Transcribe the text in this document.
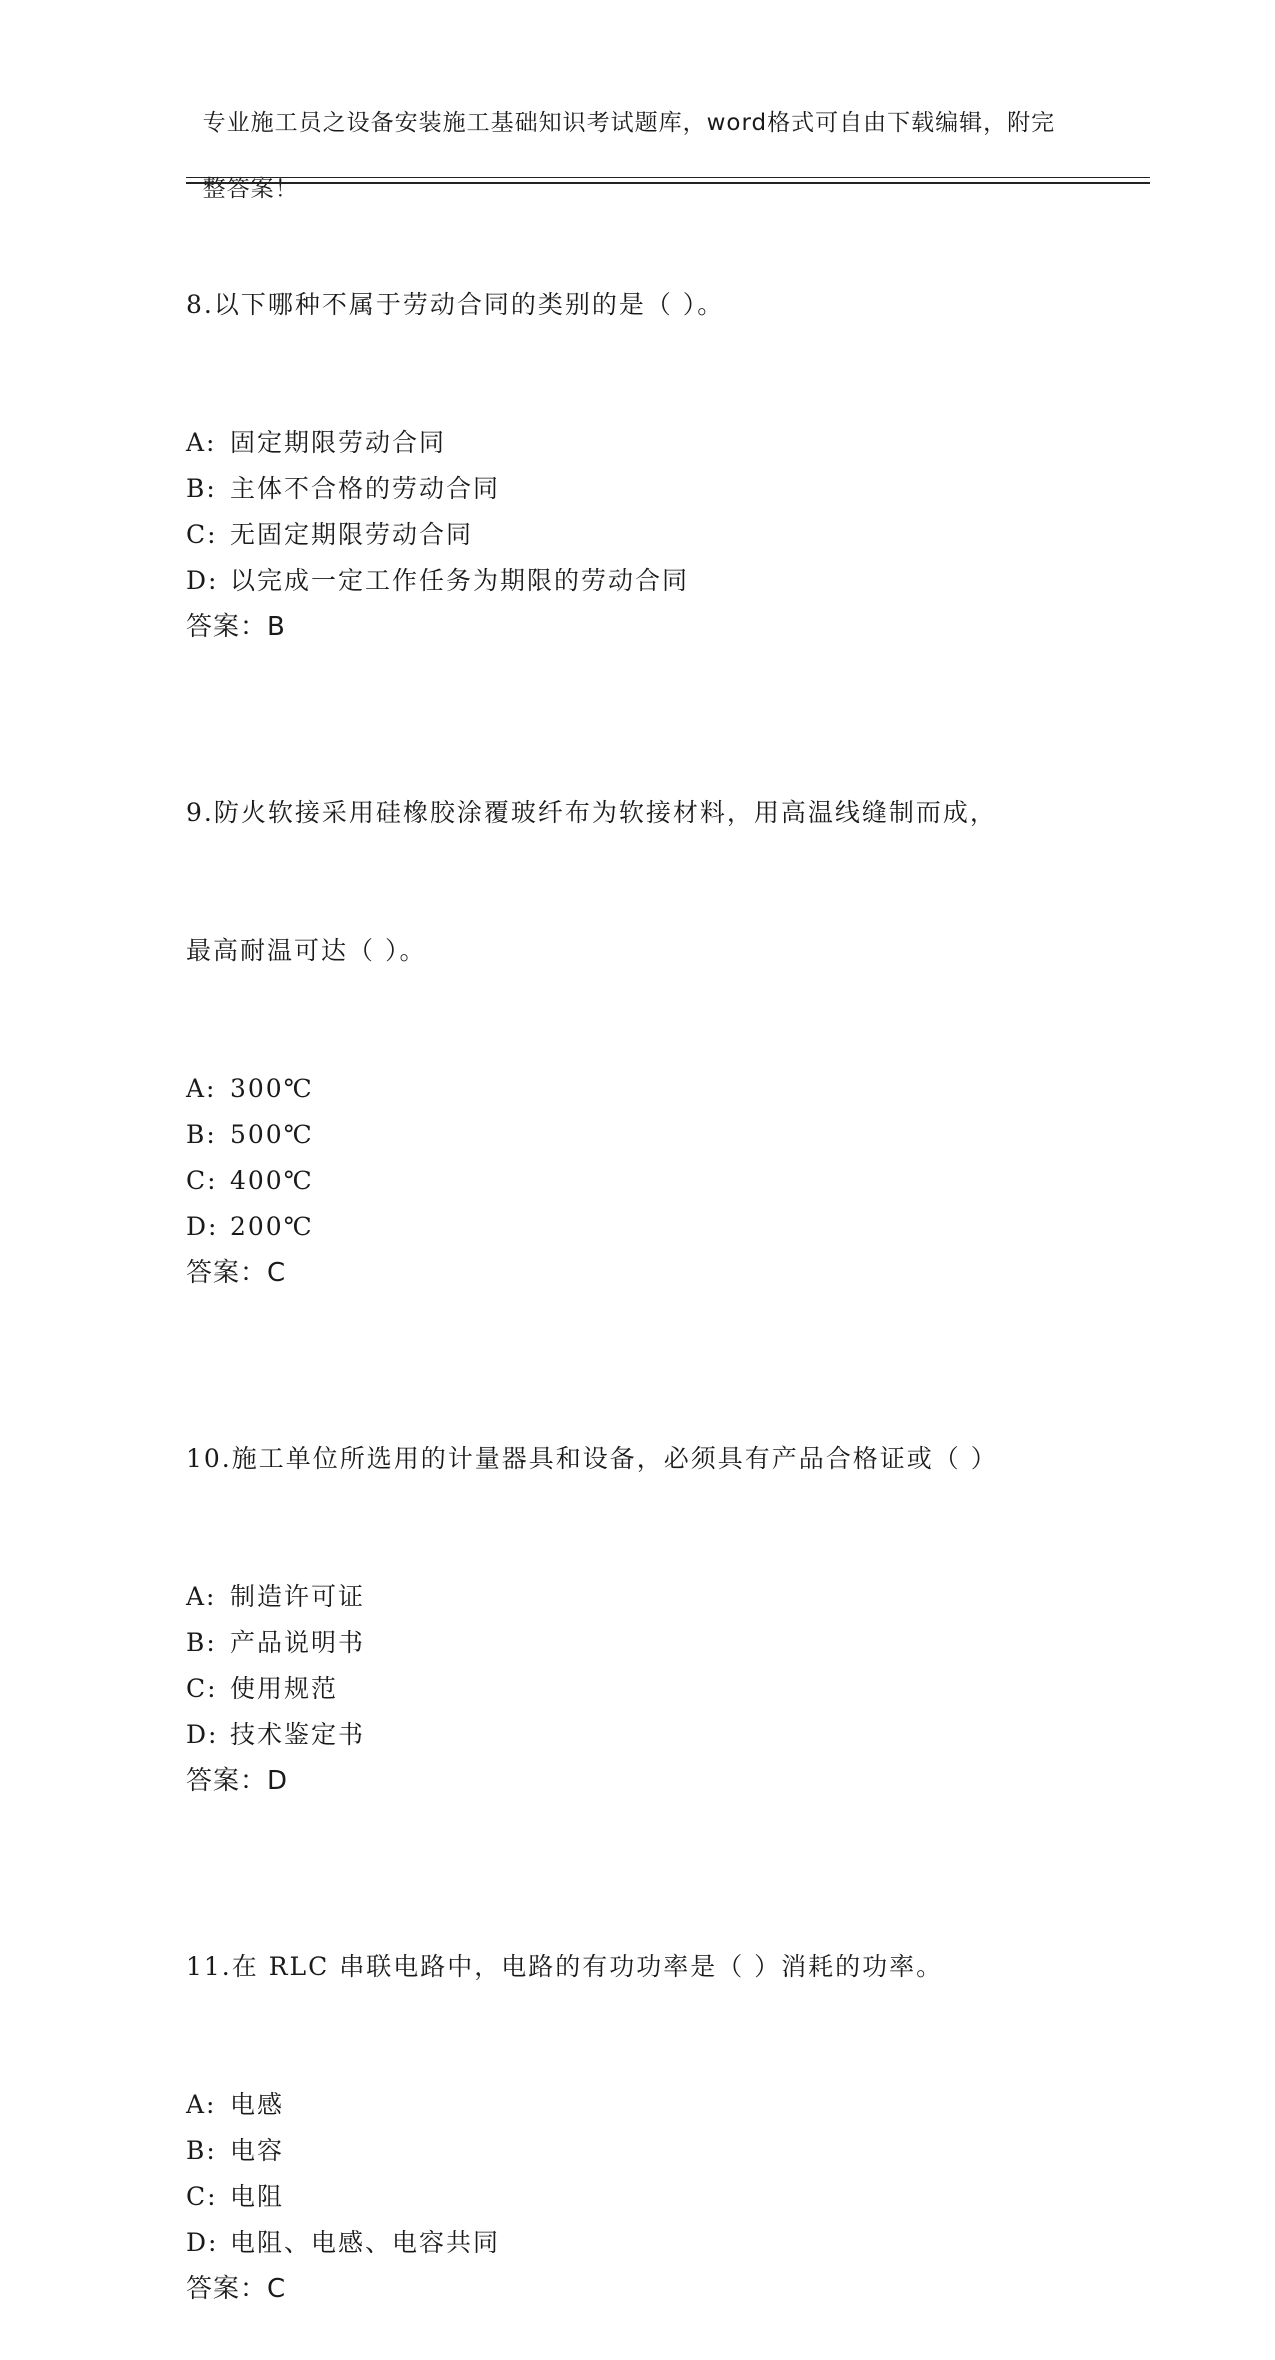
专业施工员之设备安装施工基础知识考试题库，word格式可自由下载编辑，附完

整答案！

8.以下哪种不属于劳动合同的类别的是（ ）。

A: 固定期限劳动合同
B: 主体不合格的劳动合同
C: 无固定期限劳动合同
D: 以完成一定工作任务为期限的劳动合同
答案：B

9.防火软接采用硅橡胶涂覆玻纤布为软接材料，用高温线缝制而成，

最高耐温可达（ ）。

A: 300℃
B: 500℃
C: 400℃
D: 200℃
答案：C

10.施工单位所选用的计量器具和设备，必须具有产品合格证或（ ）

A: 制造许可证
B: 产品说明书
C: 使用规范
D: 技术鉴定书
答案：D

11.在 RLC 串联电路中，电路的有功功率是（ ）消耗的功率。

A: 电感
B: 电容
C: 电阻
D: 电阻、电感、电容共同
答案：C
